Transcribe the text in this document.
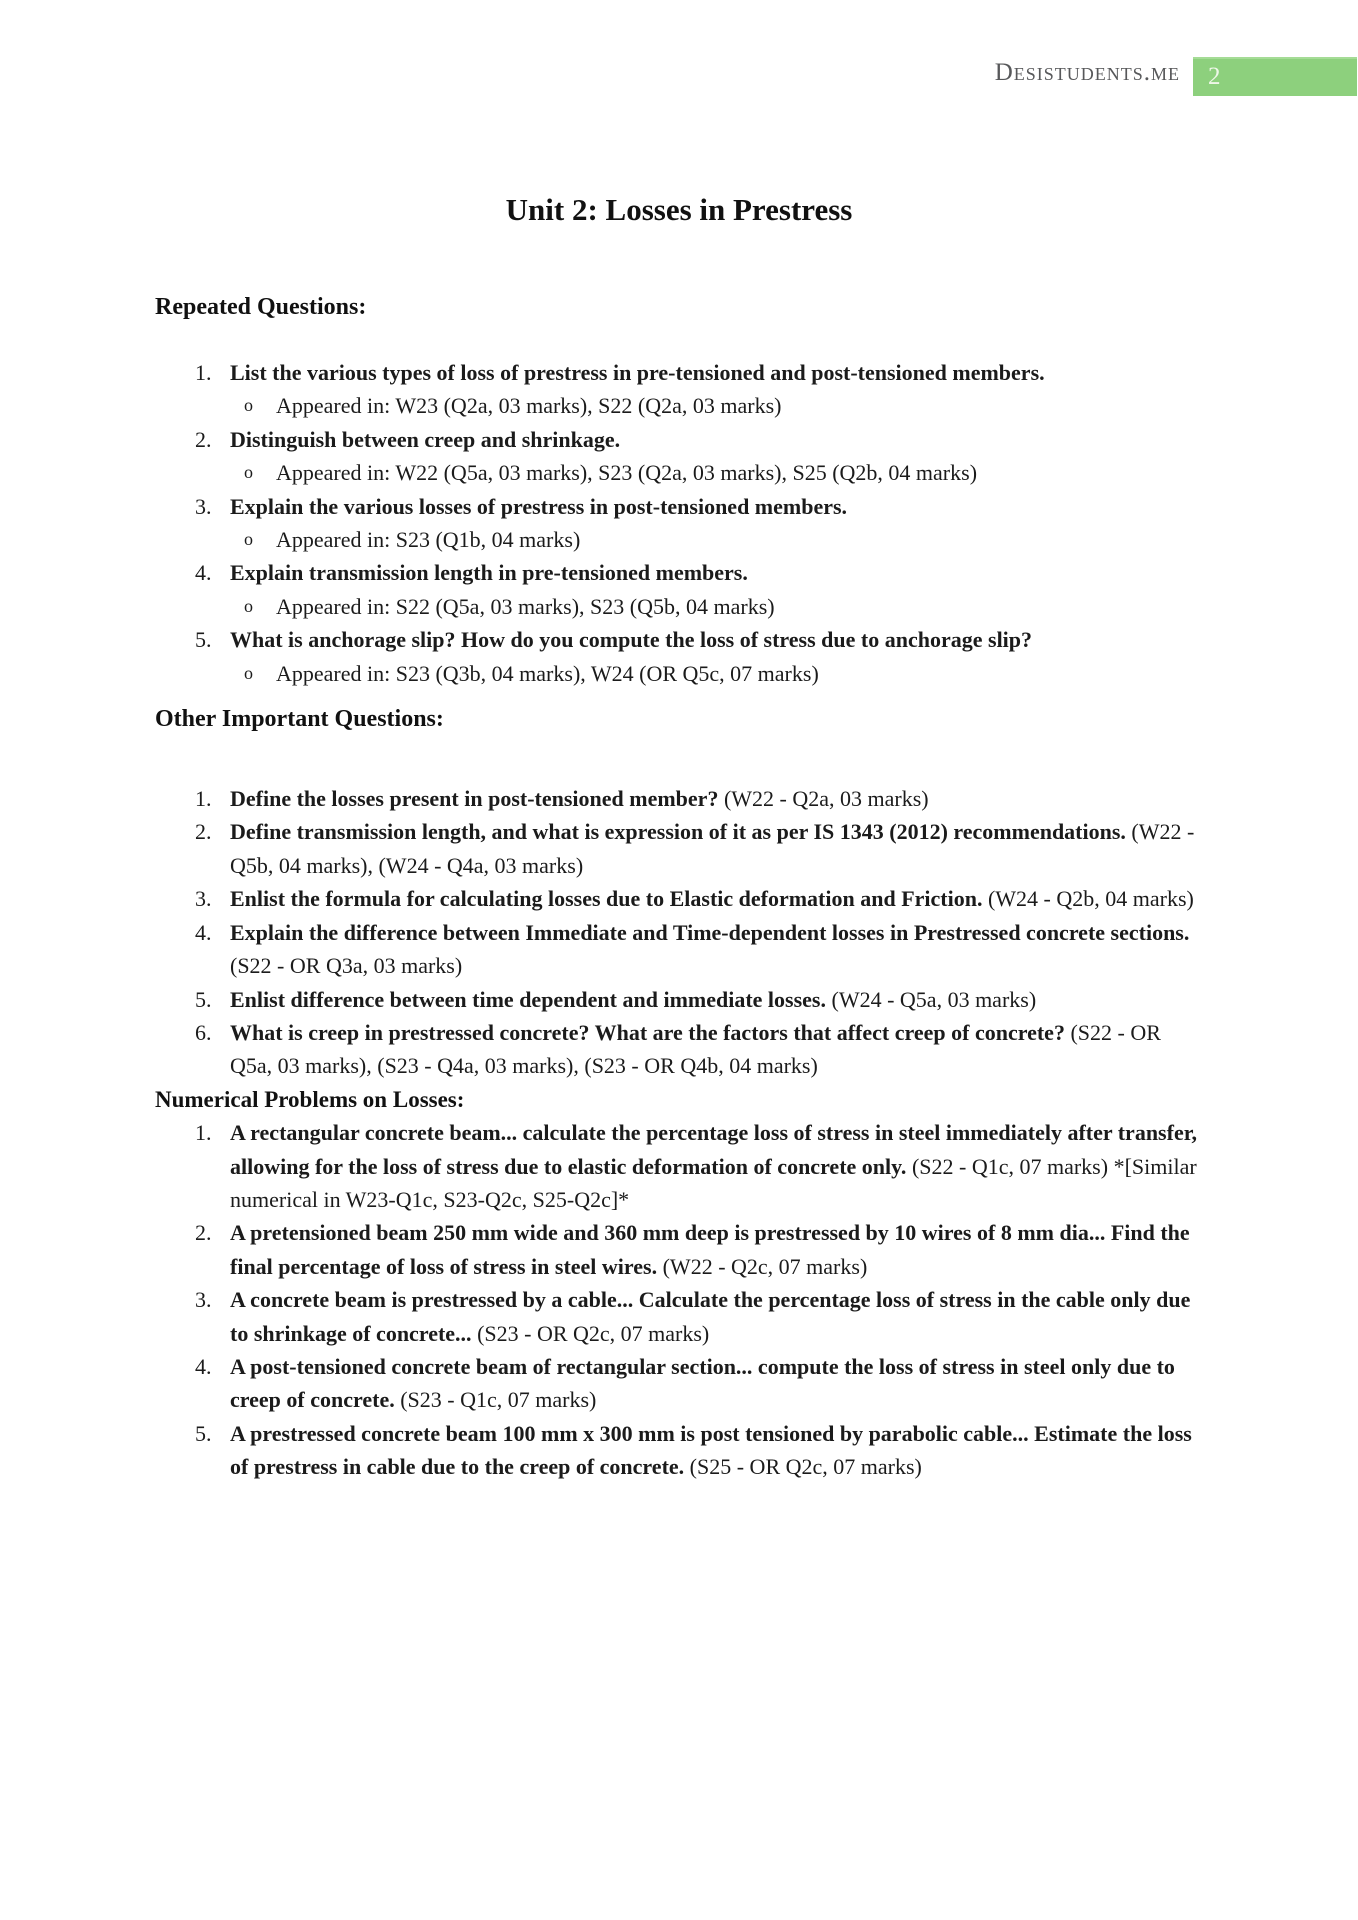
Desistudents.me	2
Unit 2: Losses in Prestress
Repeated Questions:
1. List the various types of loss of prestress in pre-tensioned and post-tensioned members.
o	Appeared in: W23 (Q2a, 03 marks), S22 (Q2a, 03 marks)
2. Distinguish between creep and shrinkage.
o	Appeared in: W22 (Q5a, 03 marks), S23 (Q2a, 03 marks), S25 (Q2b, 04 marks)
3. Explain the various losses of prestress in post-tensioned members.
o	Appeared in: S23 (Q1b, 04 marks)
4. Explain transmission length in pre-tensioned members.
o	Appeared in: S22 (Q5a, 03 marks), S23 (Q5b, 04 marks)
5. What is anchorage slip? How do you compute the loss of stress due to anchorage slip?
o	Appeared in: S23 (Q3b, 04 marks), W24 (OR Q5c, 07 marks)
Other Important Questions:
1. Define the losses present in post-tensioned member? (W22 - Q2a, 03 marks)
2. Define transmission length, and what is expression of it as per IS 1343 (2012) recommendations. (W22 - Q5b, 04 marks), (W24 - Q4a, 03 marks)
3. Enlist the formula for calculating losses due to Elastic deformation and Friction. (W24 - Q2b, 04 marks)
4. Explain the difference between Immediate and Time-dependent losses in Prestressed concrete sections. (S22 - OR Q3a, 03 marks)
5. Enlist difference between time dependent and immediate losses. (W24 - Q5a, 03 marks)
6. What is creep in prestressed concrete? What are the factors that affect creep of concrete? (S22 - OR Q5a, 03 marks), (S23 - Q4a, 03 marks), (S23 - OR Q4b, 04 marks)
Numerical Problems on Losses:
1. A rectangular concrete beam... calculate the percentage loss of stress in steel immediately after transfer, allowing for the loss of stress due to elastic deformation of concrete only. (S22 - Q1c, 07 marks) *[Similar numerical in W23-Q1c, S23-Q2c, S25-Q2c]*
2. A pretensioned beam 250 mm wide and 360 mm deep is prestressed by 10 wires of 8 mm dia... Find the final percentage of loss of stress in steel wires. (W22 - Q2c, 07 marks)
3. A concrete beam is prestressed by a cable... Calculate the percentage loss of stress in the cable only due to shrinkage of concrete... (S23 - OR Q2c, 07 marks)
4. A post-tensioned concrete beam of rectangular section... compute the loss of stress in steel only due to creep of concrete. (S23 - Q1c, 07 marks)
5. A prestressed concrete beam 100 mm x 300 mm is post tensioned by parabolic cable... Estimate the loss of prestress in cable due to the creep of concrete. (S25 - OR Q2c, 07 marks)
